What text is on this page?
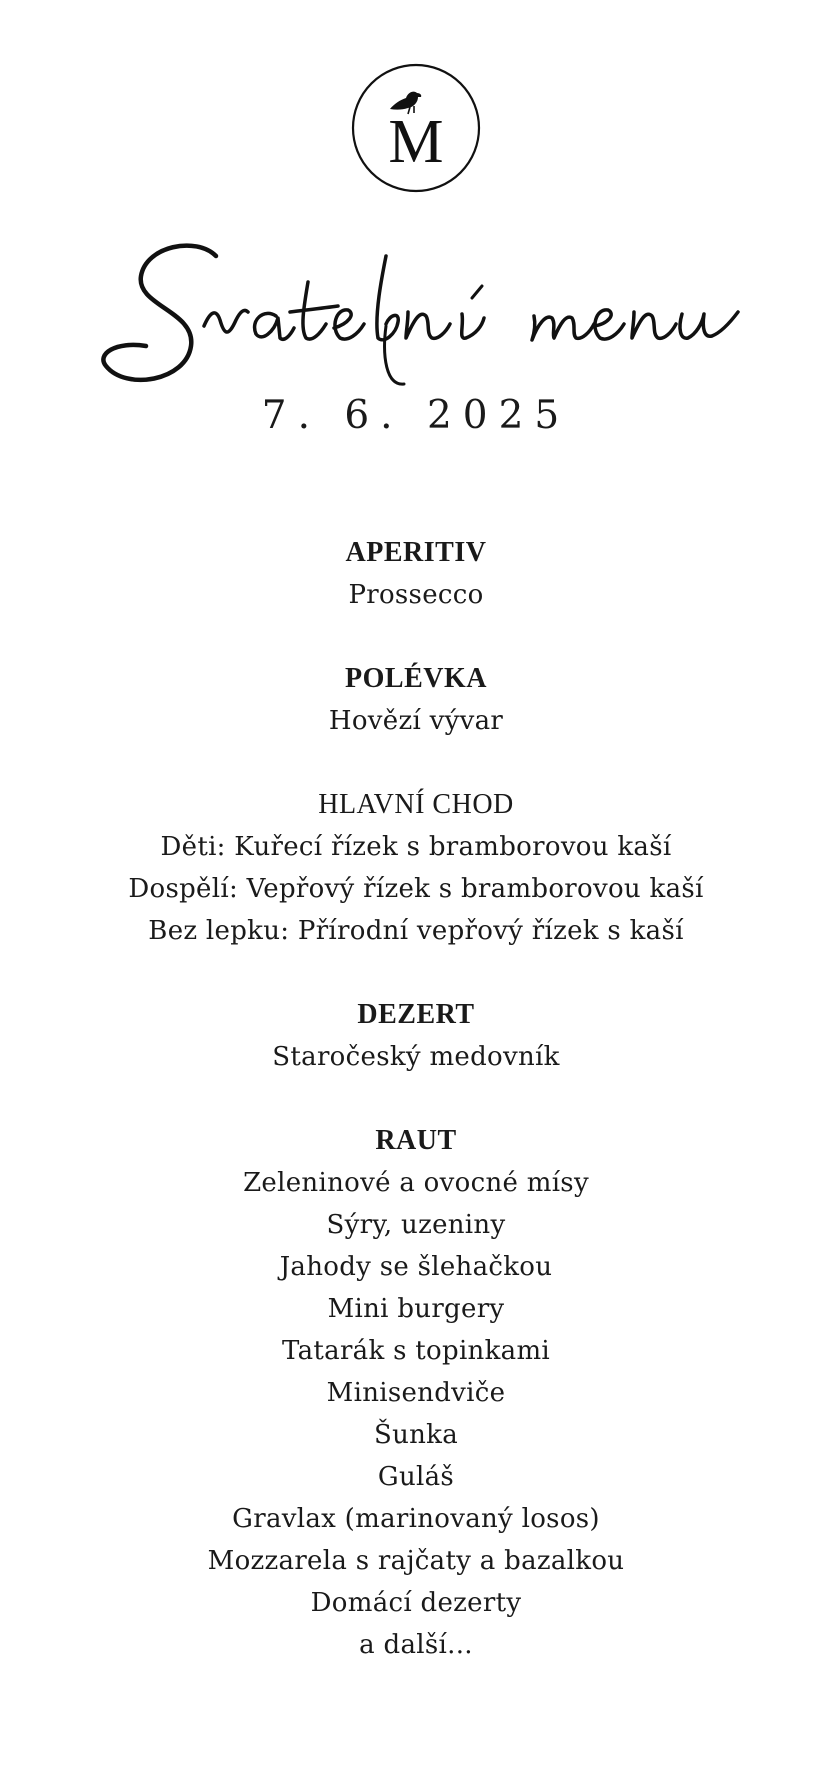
M
7. 6. 2025
APERITIV
Prossecco
POLÉVKA
Hovězí vývar
HLAVNÍ CHOD
Děti: Kuřecí řízek s bramborovou kaší
Dospělí: Vepřový řízek s bramborovou kaší
Bez lepku: Přírodní vepřový řízek s kaší
DEZERT
Staročeský medovník
RAUT
Zeleninové a ovocné mísy
Sýry, uzeniny
Jahody se šlehačkou
Mini burgery
Tatarák s topinkami
Minisendviče
Šunka
Guláš
Gravlax (marinovaný losos)
Mozzarela s rajčaty a bazalkou
Domácí dezerty
a další...
